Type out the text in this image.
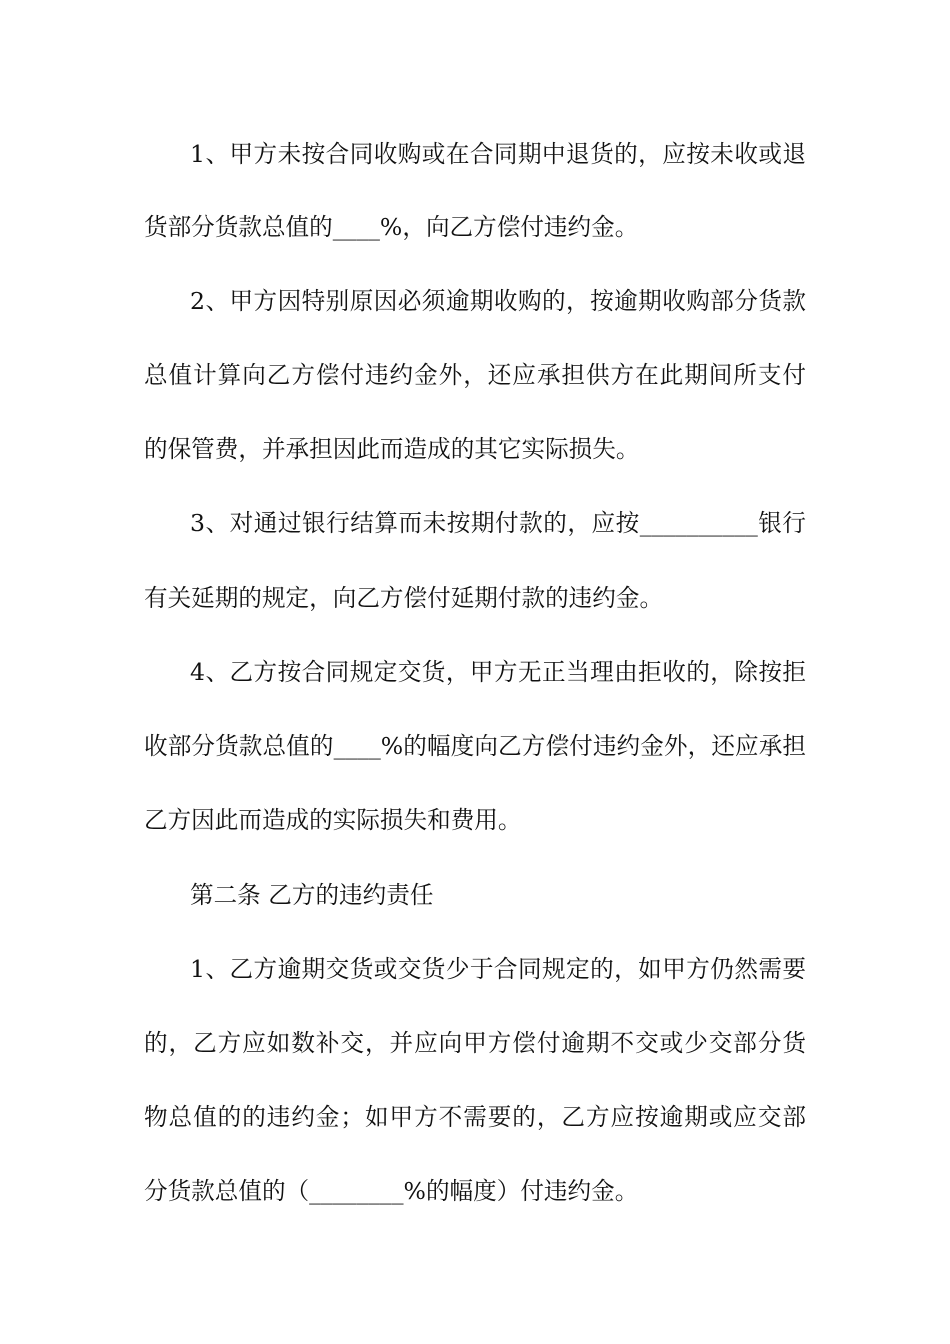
1、甲方未按合同收购或在合同期中退货的，应按未收或退
货部分货款总值的____%，向乙方偿付违约金。
2、甲方因特别原因必须逾期收购的，按逾期收购部分货款
总值计算向乙方偿付违约金外，还应承担供方在此期间所支付
的保管费，并承担因此而造成的其它实际损失。
3、对通过银行结算而未按期付款的，应按__________银行
有关延期的规定，向乙方偿付延期付款的违约金。
4、乙方按合同规定交货，甲方无正当理由拒收的，除按拒
收部分货款总值的____%的幅度向乙方偿付违约金外，还应承担
乙方因此而造成的实际损失和费用。
第二条 乙方的违约责任
1、乙方逾期交货或交货少于合同规定的，如甲方仍然需要
的，乙方应如数补交，并应向甲方偿付逾期不交或少交部分货
物总值的的违约金；如甲方不需要的，乙方应按逾期或应交部
分货款总值的（________%的幅度）付违约金。
